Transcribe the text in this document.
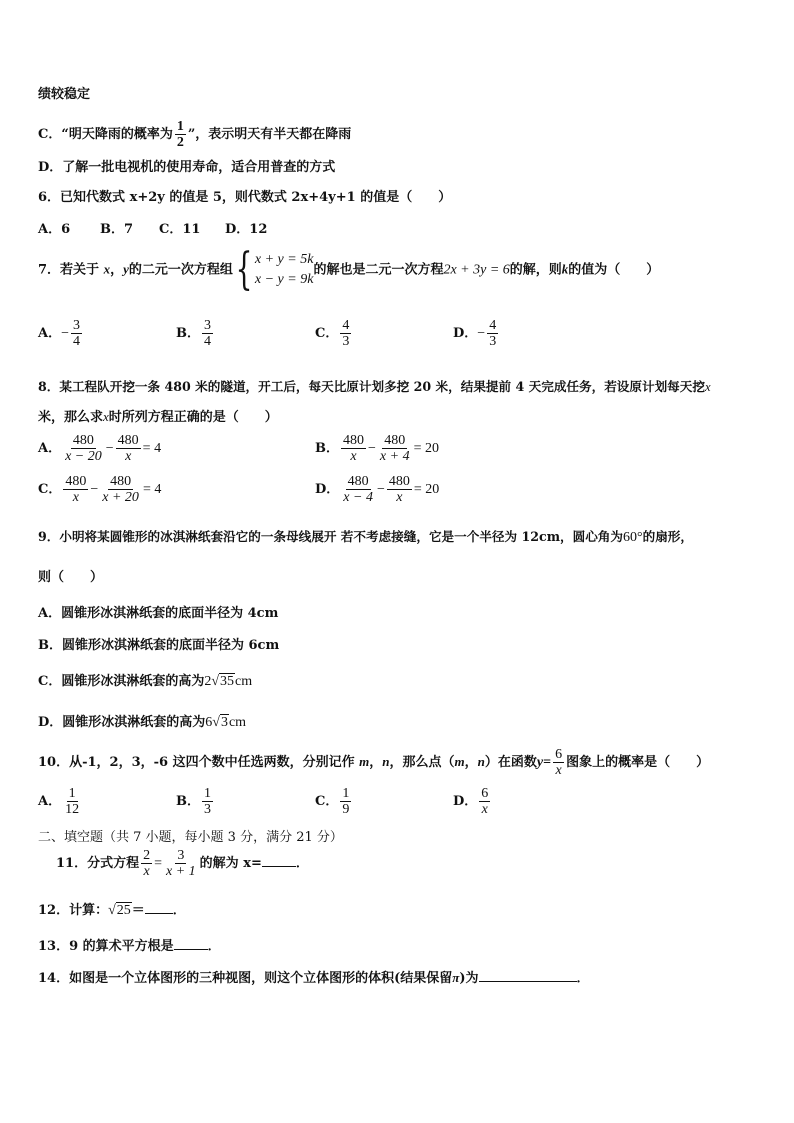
绩较稳定
C．“明天降雨的概率为 $\frac{1}{2}$ ”，表示明天有半天都在降雨
D．了解一批电视机的使用寿命，适合用普查的方式
6．已知代数式 x+2y 的值是 5，则代数式 2x+4y+1 的值是（　　）
A．6 B．7 C．11 D．12
7．若关于 x，y的二元一次方程组 { x + y = 5k
x − y = 9k
的解也是二元一次方程2x + 3y = 6的解，则k的值为（　　）
A．− $\frac{3}{4}$	B． $\frac{3}{4}$	C． $\frac{4}{3}$	D．− $\frac{4}{3}$
8．某工程队开挖一条 480 米的隧道，开工后，每天比原计划多挖 20 米，结果提前 4 天完成任务，若设原计划每天挖x
米，那么求x时所列方程正确的是（　　）
A． $\frac{480}{x - 20} - \frac{480}{x} = 4$	B． $\frac{480}{x} - \frac{480}{x + 4} = 20$
C． $\frac{480}{x} - \frac{480}{x + 20} = 4$	D． $\frac{480}{x - 4} - \frac{480}{x} = 20$
9．小明将某圆锥形的冰淇淋纸套沿它的一条母线展开 若不考虑接缝，它是一个半径为 12cm，圆心角为60°的扇形，
则（　　）
A．圆锥形冰淇淋纸套的底面半径为 4cm
B．圆锥形冰淇淋纸套的底面半径为 6cm
C．圆锥形冰淇淋纸套的高为2√35cm
D．圆锥形冰淇淋纸套的高为6√3cm
10．从-1，2，3，-6 这四个数中任选两数，分别记作 m，n，那么点（m，n）在函数$y= \frac{6}{x}$ 图象上的概率是（　　）
A． $\frac{1}{12}$	B． $\frac{1}{3}$	C． $\frac{1}{9}$	D． $\frac{6}{x}$
二、填空题（共 7 小题，每小题 3 分，满分 21 分）
11．分式方程 $\frac{2}{x} = \frac{3}{x + 1}$ 的解为 x=	．
12．计算：√25＝ ．
13．9 的算术平方根是	．
14．如图是一个立体图形的三种视图，则这个立体图形的体积(结果保留π)为	．
